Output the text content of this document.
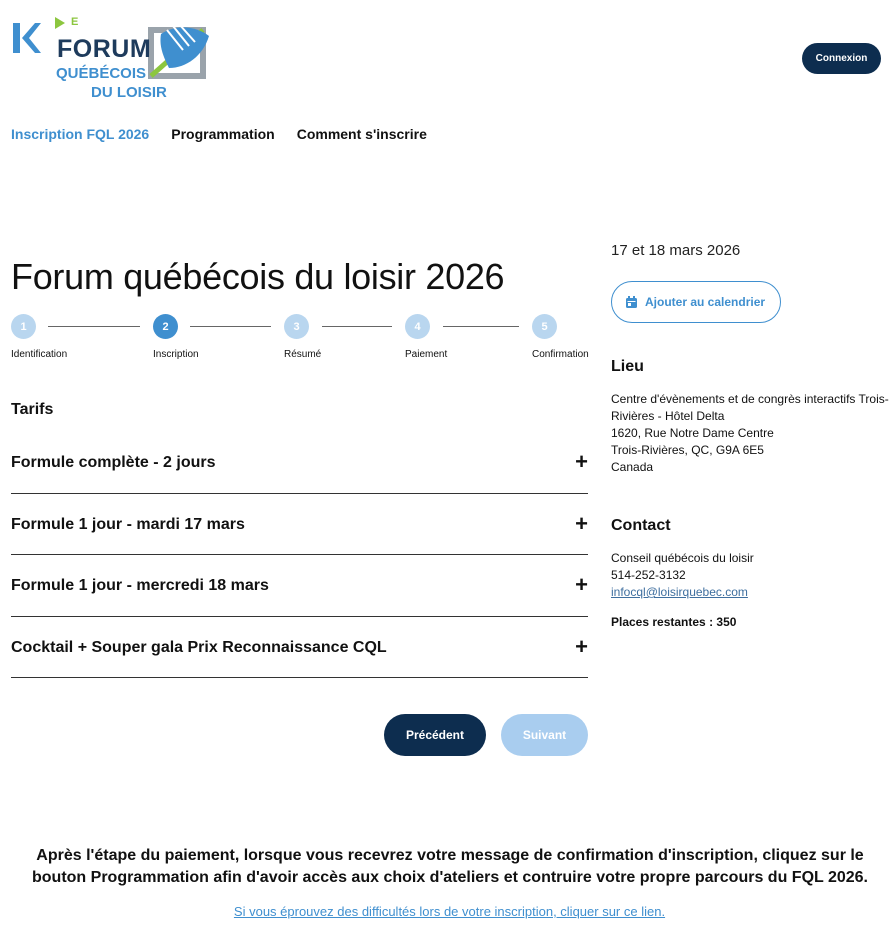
E
FORUM
QUÉBÉCOIS
DU LOISIR
Connexion
Inscription FQL 2026 Programmation Comment s'inscrire
Forum québécois du loisir 2026
1
Identification
2
Inscription
3
Résumé
4
Paiement
5
Confirmation
Tarifs
Formule complète - 2 jours	+
Formule 1 jour - mardi 17 mars	+
Formule 1 jour - mercredi 18 mars	+
Cocktail + Souper gala Prix Reconnaissance CQL	+
Précédent	Suivant
17 et 18 mars 2026
Ajouter au calendrier
Lieu
Centre d'évènements et de congrès interactifs Trois-
Rivières - Hôtel Delta
1620, Rue Notre Dame Centre
Trois-Rivières, QC, G9A 6E5
Canada
Contact
Conseil québécois du loisir
514-252-3132
infocql@loisirquebec.com
Places restantes : 350
Après l'étape du paiement, lorsque vous recevrez votre message de confirmation d'inscription, cliquez sur le
bouton Programmation afin d'avoir accès aux choix d'ateliers et contruire votre propre parcours du FQL 2026.
Si vous éprouvez des difficultés lors de votre inscription, cliquer sur ce lien.
